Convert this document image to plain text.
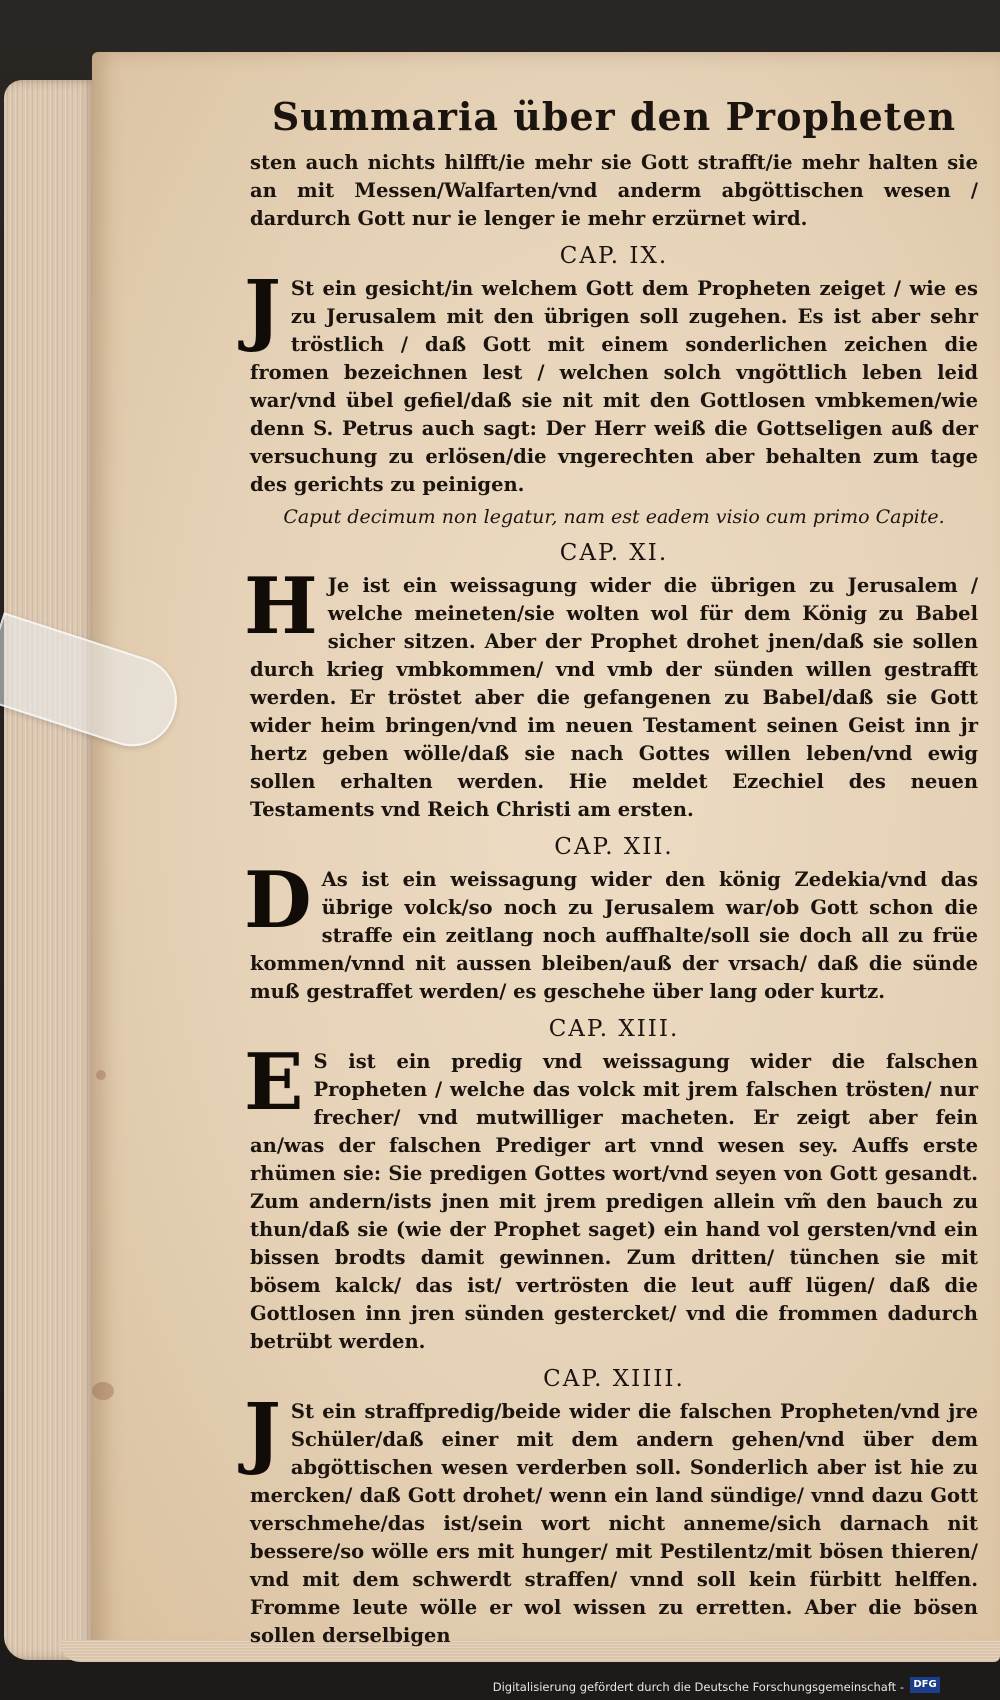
Summaria über den Propheten

sten auch nichts hilfft/ie mehr sie Gott strafft/ie mehr halten sie an mit Messen/Walfarten/vnd anderm abgöttischen wesen / dardurch Gott nur ie lenger ie mehr erzürnet wird.

CAP. IX.

J St ein gesicht/in welchem Gott dem Propheten zeiget / wie es zu Jerusalem mit den übrigen soll zugehen. Es ist aber sehr tröstlich / daß Gott mit einem sonderlichen zeichen die fromen bezeichnen lest / welchen solch vngöttlich leben leid war/vnd übel gefiel/daß sie nit mit den Gottlosen vmbkemen/wie denn S. Petrus auch sagt: Der Herr weiß die Gottseligen auß der versuchung zu erlösen/die vngerechten aber behalten zum tage des gerichts zu peinigen.

Caput decimum non legatur, nam est eadem visio cum primo Capite.
CAP. XI.

H Je ist ein weissagung wider die übrigen zu Jerusalem / welche meineten/sie wolten wol für dem König zu Babel sicher sitzen. Aber der Prophet drohet jnen/daß sie sollen durch krieg vmbkommen/ vnd vmb der sünden willen gestrafft werden. Er tröstet aber die gefangenen zu Babel/daß sie Gott wider heim bringen/vnd im neuen Testament seinen Geist inn jr hertz geben wölle/daß sie nach Gottes willen leben/vnd ewig sollen erhalten werden. Hie meldet Ezechiel des neuen Testaments vnd Reich Christi am ersten.

CAP. XII.

D As ist ein weissagung wider den könig Zedekia/vnd das übrige volck/so noch zu Jerusalem war/ob Gott schon die straffe ein zeitlang noch auffhalte/soll sie doch all zu früe kommen/vnnd nit aussen bleiben/auß der vrsach/ daß die sünde muß gestraffet werden/ es geschehe über lang oder kurtz.

CAP. XIII.

E S ist ein predig vnd weissagung wider die falschen Propheten / welche das volck mit jrem falschen trösten/ nur frecher/ vnd mutwilliger macheten. Er zeigt aber fein an/was der falschen Prediger art vnnd wesen sey. Auffs erste rhümen sie: Sie predigen Gottes wort/vnd seyen von Gott gesandt. Zum andern/ists jnen mit jrem predigen allein vm̃ den bauch zu thun/daß sie (wie der Prophet saget) ein hand vol gersten/vnd ein bissen brodts damit gewinnen. Zum dritten/ tünchen sie mit bösem kalck/ das ist/ vertrösten die leut auff lügen/ daß die Gottlosen inn jren sünden gestercket/ vnd die frommen dadurch betrübt werden.

CAP. XIIII.

J St ein straffpredig/beide wider die falschen Propheten/vnd jre Schüler/daß einer mit dem andern gehen/vnd über dem abgöttischen wesen verderben soll. Sonderlich aber ist hie zu mercken/ daß Gott drohet/ wenn ein land sündige/ vnnd dazu Gott verschmehe/das ist/sein wort nicht anneme/sich darnach nit bessere/so wölle ers mit hunger/ mit Pestilentz/mit bösen thieren/ vnd mit dem schwerdt straffen/ vnnd soll kein fürbitt helffen. Fromme leute wölle er wol wissen zu erretten. Aber die bösen sollen derselbigen

Digitalisierung gefördert durch die Deutsche Forschungsgemeinschaft - DFG
